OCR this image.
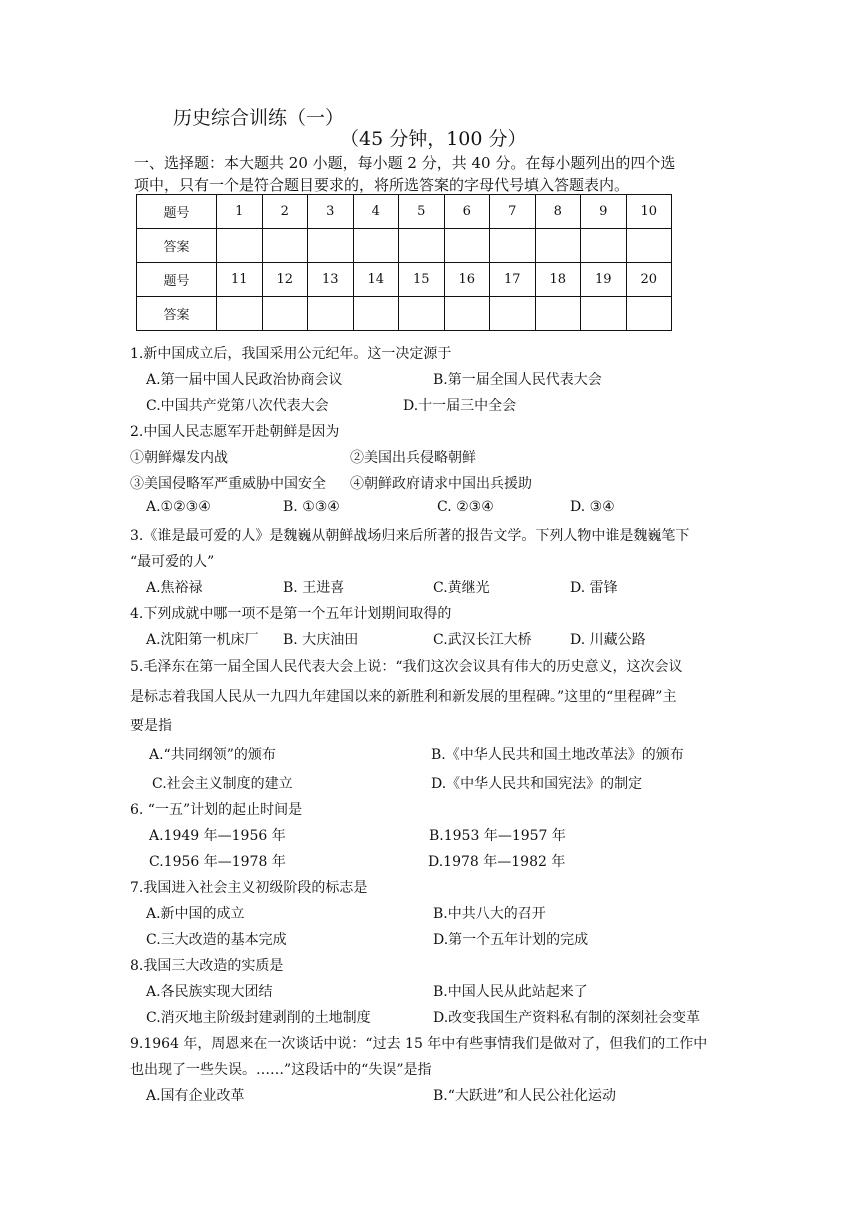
历史综合训练（一）
（45 分钟，100 分）
一、选择题：本大题共 20 小题，每小题 2 分，共 40 分。在每小题列出的四个选
项中，只有一个是符合题目要求的，将所选答案的字母代号填入答题表内。
题号	1	2	3	4	5	6	7	8	9	10
答案										
题号	11	12	13	14	15	16	17	18	19	20
答案										
1.新中国成立后，我国采用公元纪年。这一决定源于
A.第一届中国人民政治协商会议	B.第一届全国人民代表大会
C.中国共产党第八次代表大会	D.十一届三中全会
2.中国人民志愿军开赴朝鲜是因为
①朝鲜爆发内战	②美国出兵侵略朝鲜
③美国侵略军严重威胁中国安全 ④朝鲜政府请求中国出兵援助
A.①②③④	B. ①③④	C. ②③④	D. ③④
3.《谁是最可爱的人》是魏巍从朝鲜战场归来后所著的报告文学。下列人物中谁是魏巍笔下
“最可爱的人”
A.焦裕禄	B. 王进喜	C.黄继光	D. 雷锋
4.下列成就中哪一项不是第一个五年计划期间取得的
A.沈阳第一机床厂 B. 大庆油田	C.武汉长江大桥	D. 川藏公路
5.毛泽东在第一届全国人民代表大会上说：“我们这次会议具有伟大的历史意义，这次会议
是标志着我国人民从一九四九年建国以来的新胜利和新发展的里程碑。”这里的“里程碑”主
要是指
A.“共同纲领”的颁布	B.《中华人民共和国土地改革法》的颁布
C.社会主义制度的建立	D.《中华人民共和国宪法》的制定
6. “一五”计划的起止时间是
A.1949 年—1956 年	B.1953 年—1957 年
C.1956 年—1978 年	D.1978 年—1982 年
7.我国进入社会主义初级阶段的标志是
A.新中国的成立	B.中共八大的召开
C.三大改造的基本完成	D.第一个五年计划的完成
8.我国三大改造的实质是
A.各民族实现大团结	B.中国人民从此站起来了
C.消灭地主阶级封建剥削的土地制度	D.改变我国生产资料私有制的深刻社会变革
9.1964 年，周恩来在一次谈话中说：“过去 15 年中有些事情我们是做对了，但我们的工作中
也出现了一些失误。……”这段话中的“失误”是指
A.国有企业改革	B.“大跃进”和人民公社化运动
